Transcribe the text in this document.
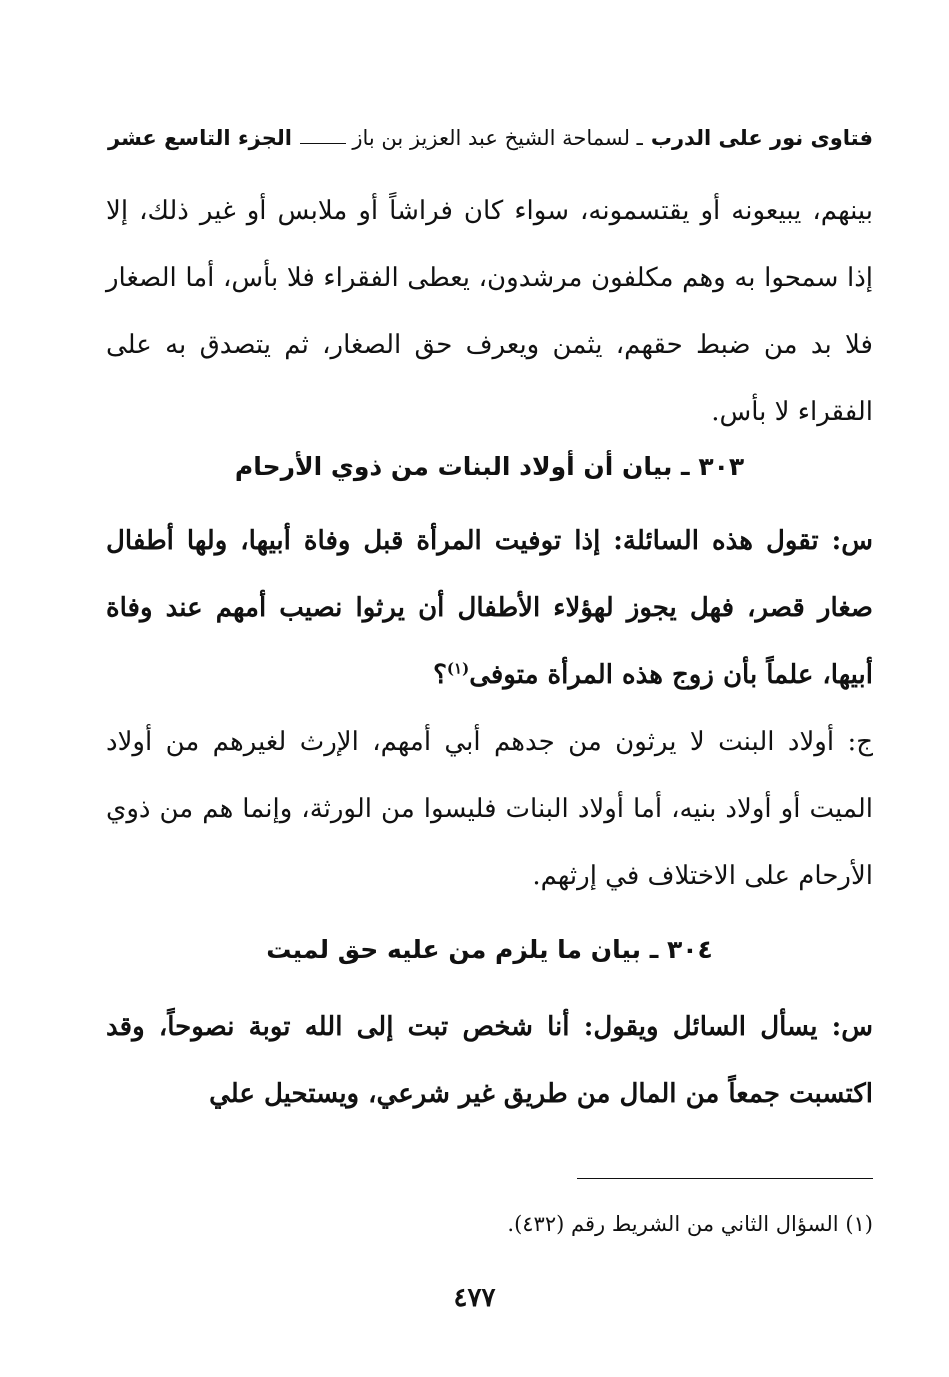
فتاوى نور على الدرب
ـ لسماحة الشيخ عبد العزيز بن باز
الجزء التاسع عشر

بينهم، يبيعونه أو يقتسمونه، سواء كان فراشاً أو ملابس أو غير ذلك، إلا إذا سمحوا به وهم مكلفون مرشدون، يعطى الفقراء فلا بأس، أما الصغار فلا بد من ضبط حقهم، يثمن ويعرف حق الصغار، ثم يتصدق به على الفقراء لا بأس.

٣٠٣ ـ بيان أن أولاد البنات من ذوي الأرحام

س: تقول هذه السائلة: إذا توفيت المرأة قبل وفاة أبيها، ولها أطفال صغار قصر، فهل يجوز لهؤلاء الأطفال أن يرثوا نصيب أمهم عند وفاة أبيها، علماً بأن زوج هذه المرأة متوفى$^{(١)}$؟

ج: أولاد البنت لا يرثون من جدهم أبي أمهم، الإرث لغيرهم من أولاد الميت أو أولاد بنيه، أما أولاد البنات فليسوا من الورثة، وإنما هم من ذوي الأرحام على الاختلاف في إرثهم.

٣٠٤ ـ بيان ما يلزم من عليه حق لميت

س: يسأل السائل ويقول: أنا شخص تبت إلى الله توبة نصوحاً، وقد اكتسبت جمعاً من المال من طريق غير شرعي، ويستحيل علي

(١) السؤال الثاني من الشريط رقم (٤٣٢).
٤٧٧
